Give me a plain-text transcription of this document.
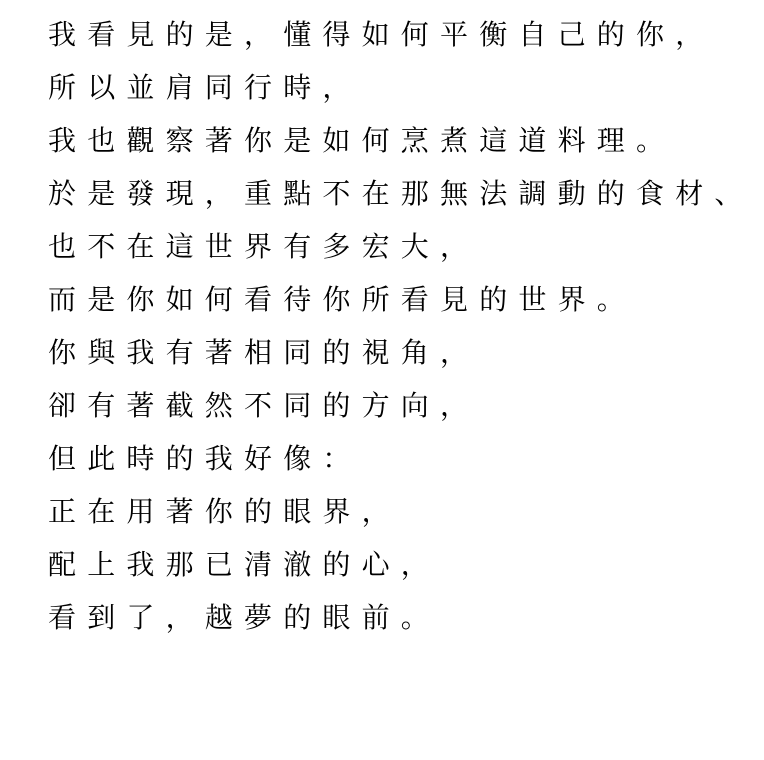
我看見的是，懂得如何平衡自己的你，
所以並肩同行時，
我也觀察著你是如何烹煮這道料理。
於是發現，重點不在那無法調動的食材、
也不在這世界有多宏大，
而是你如何看待你所看見的世界。
你與我有著相同的視角，
卻有著截然不同的方向，
但此時的我好像：
正在用著你的眼界，
配上我那已清澈的心，
看到了，越夢的眼前。
